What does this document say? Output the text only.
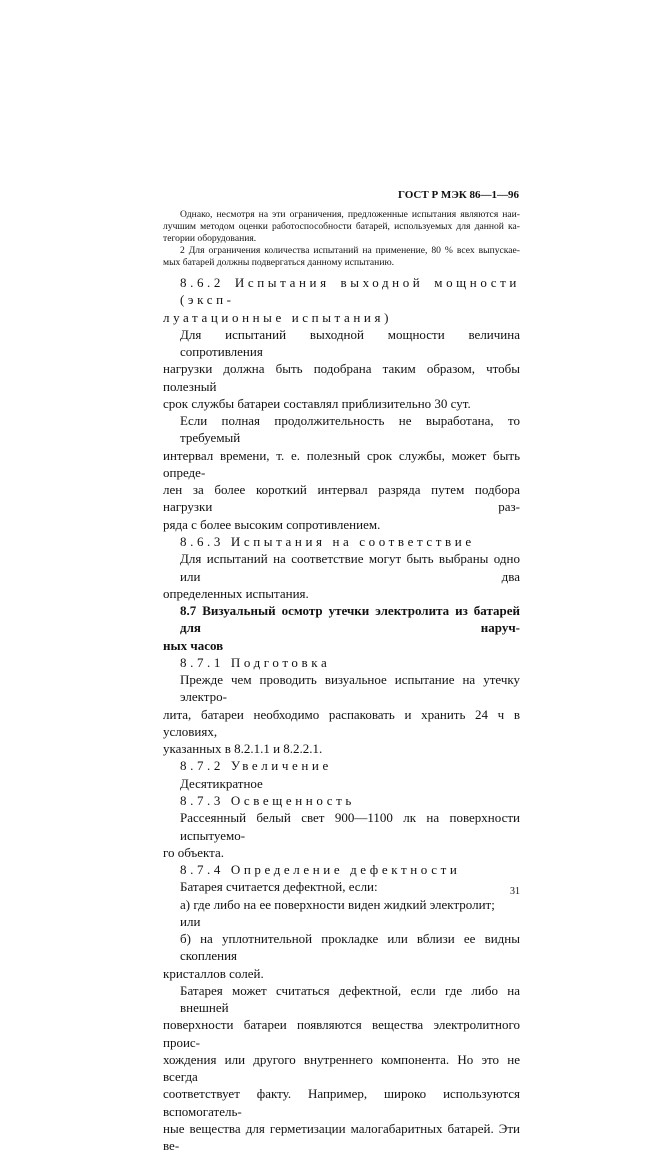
ГОСТ Р МЭК 86—1—96
Однако, несмотря на эти ограничения, предложенные испытания являются наи-
лучшим методом оценки работоспособности батарей, используемых для данной ка-
тегории оборудования.
2 Для ограничения количества испытаний на применение, 80 % всех выпускае-
мых батарей должны подвергаться данному испытанию.
8.6.2 Испытания выходной мощности (эксп-
луатационные испытания)
Для испытаний выходной мощности величина сопротивления
нагрузки должна быть подобрана таким образом, чтобы полезный
срок службы батареи составлял приблизительно 30 сут.
Если полная продолжительность не выработана, то требуемый
интервал времени, т. е. полезный срок службы, может быть опреде-
лен за более короткий интервал разряда путем подбора нагрузки раз-
ряда с более высоким сопротивлением.
8.6.3 Испытания на соответствие
Для испытаний на соответствие могут быть выбраны одно или два
определенных испытания.
8.7 Визуальный осмотр утечки электролита из батарей для наруч-
ных часов
8.7.1 Подготовка
Прежде чем проводить визуальное испытание на утечку электро-
лита, батареи необходимо распаковать и хранить 24 ч в условиях,
указанных в 8.2.1.1 и 8.2.2.1.
8.7.2 Увеличение
Десятикратное
8.7.3 Освещенность
Рассеянный белый свет 900—1100 лк на поверхности испытуемо-
го объекта.
8.7.4 Определение дефектности
Батарея считается дефектной, если:
а) где либо на ее поверхности виден жидкий электролит;
или
б) на уплотнительной прокладке или вблизи ее видны скопления
кристаллов солей.
Батарея может считаться дефектной, если где либо на внешней
поверхности батареи появляются вещества электролитного проис-
хождения или другого внутреннего компонента. Но это не всегда
соответствует факту. Например, широко используются вспомогатель-
ные вещества для герметизации малогабаритных батарей. Эти ве-
31
